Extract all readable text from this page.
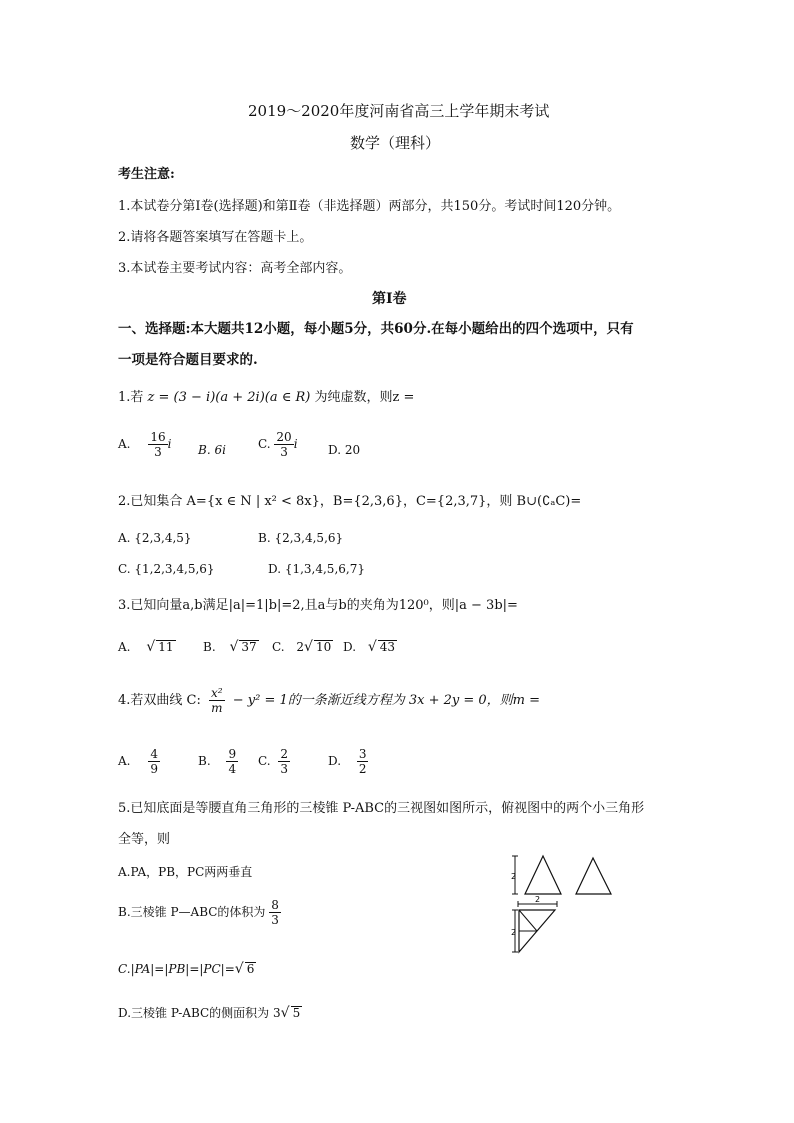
2019～2020年度河南省高三上学年期末考试
数学（理科）
考生注意:
1.本试卷分第Ⅰ卷(选择题)和第Ⅱ卷（非选择题）两部分，共150分。考试时间120分钟。
2.请将各题答案填写在答题卡上。
3.本试卷主要考试内容：高考全部内容。
第Ⅰ卷
一、选择题:本大题共12小题，每小题5分，共60分.在每小题给出的四个选项中，只有
一项是符合题目要求的.
1.若 z = (3 − i)(a + 2i)(a ∈ R) 为纯虚数，则z =
A. $\frac{16}{3}$ i B. 6i	C. $\frac{20}{3}$ i	D. 20
2.已知集合 A={x ∈ N | x² < 8x}，B={2,3,6}，C={2,3,7}，则 B∪(∁ₐC)=
A. {2,3,4,5}	B. {2,3,4,5,6}
C. {1,2,3,4,5,6}	D. {1,3,4,5,6,7}
3.已知向量a,b满足|a|=1|b|=2,且a与b的夹角为120⁰，则|a − 3b|=
A. √ 11 B. √ 37 C. 2√ 10 D. √ 43
4.若双曲线 C: $\frac{\text{x²}}{m} - y^2 = 1$的一条渐近线方程为 3x + 2y = 0，则m =
A. $\frac{4}{9}$	B. $\frac{9}{4} C$. $\frac{2}{3}$	D. $\frac{3}{2}$
5.已知底面是等腰直角三角形的三棱锥 P-ABC的三视图如图所示，俯视图中的两个小三角形
全等，则
A.PA，PB，PC两两垂直
B.三棱锥 P—ABC的体积为 $\frac{8}{3}$
C.|PA|=|PB|=|PC|=√ 6
D.三棱锥 P-ABC的侧面积为 3√ 5
2
2
2
